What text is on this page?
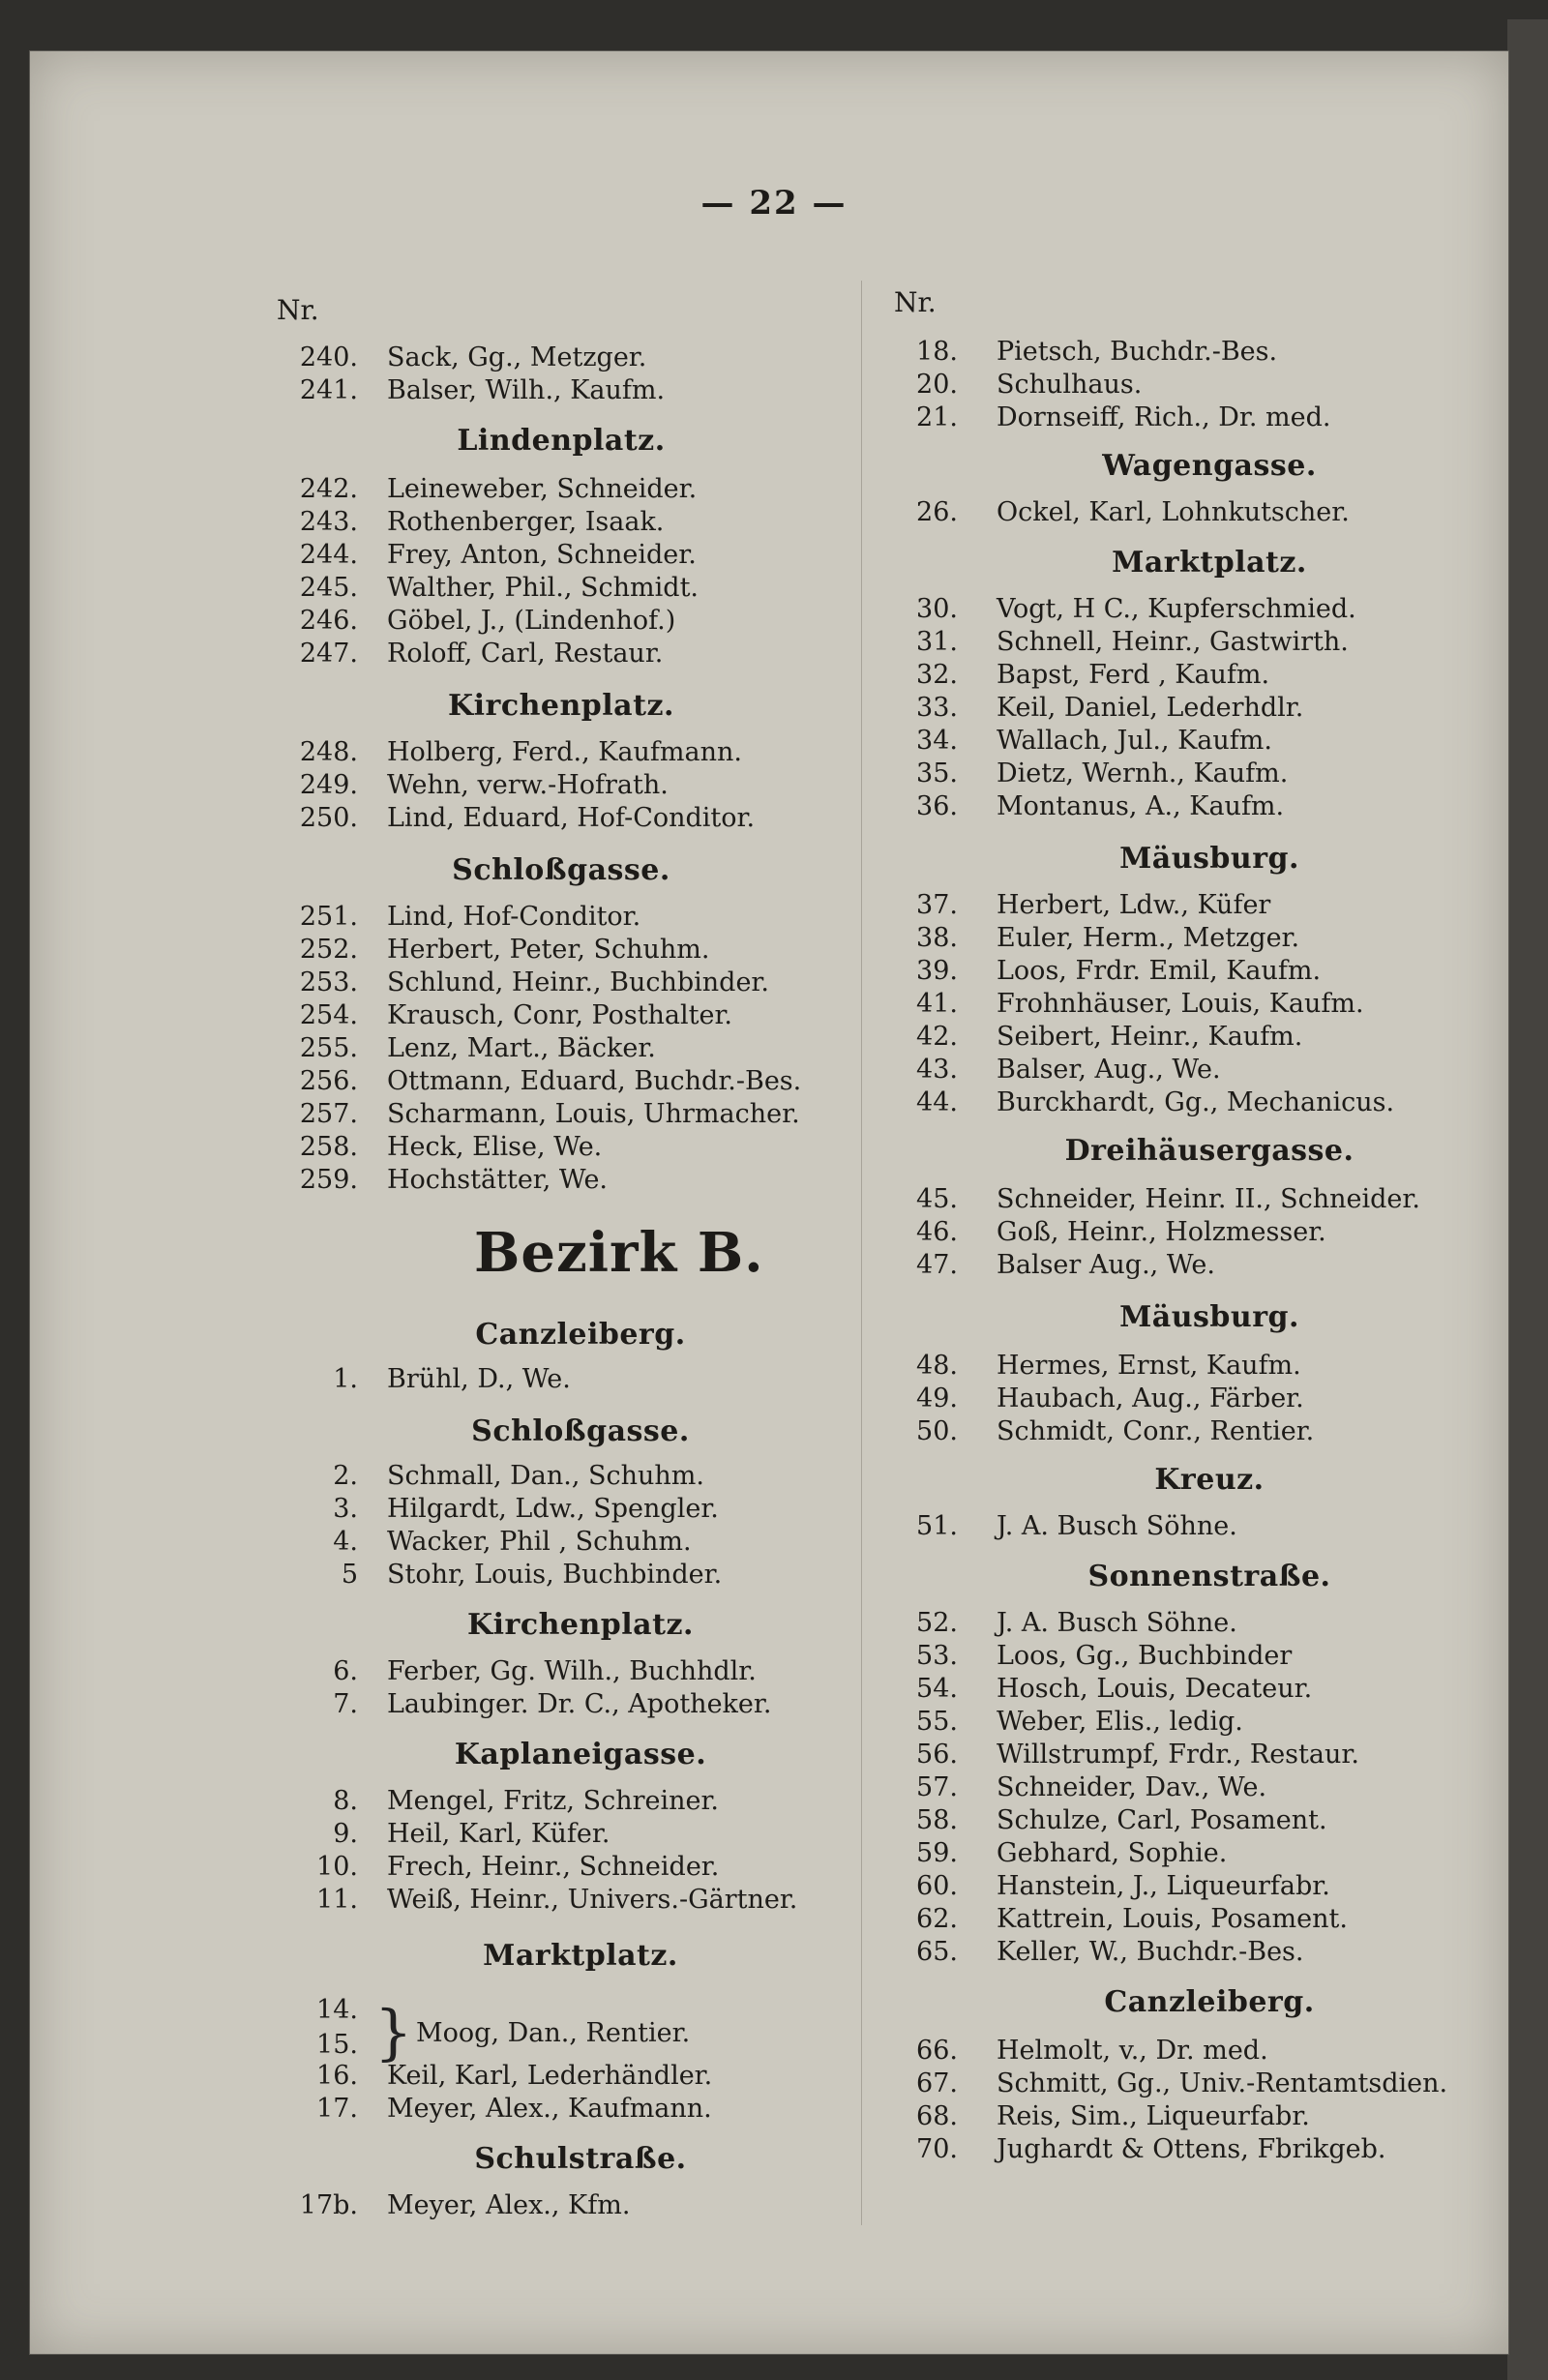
— 22 —
Nr.	Nr.
240. Sack, Gg., Metzger.
241. Balser, Wilh., Kaufm.
Lindenplatz.
242. Leineweber, Schneider.
243. Rothenberger, Isaak.
244. Frey, Anton, Schneider.
245. Walther, Phil., Schmidt.
246. Göbel, J., (Lindenhof.)
247. Roloff, Carl, Restaur.
Kirchenplatz.
248. Holberg, Ferd., Kaufmann.
249. Wehn, verw.-Hofrath.
250. Lind, Eduard, Hof-Conditor.
Schloßgasse.
251. Lind, Hof-Conditor.
252. Herbert, Peter, Schuhm.
253. Schlund, Heinr., Buchbinder.
254. Krausch, Conr, Posthalter.
255. Lenz, Mart., Bäcker.
256. Ottmann, Eduard, Buchdr.-Bes.
257. Scharmann, Louis, Uhrmacher.
258. Heck, Elise, We.
259. Hochstätter, We.
Canzleiberg.
1. Brühl, D., We.
Schloßgasse.
2. Schmall, Dan., Schuhm.
3. Hilgardt, Ldw., Spengler.
4. Wacker, Phil , Schuhm.
5 Stohr, Louis, Buchbinder.
Kirchenplatz.
6. Ferber, Gg. Wilh., Buchhdlr.
7. Laubinger. Dr. C., Apotheker.
Kaplaneigasse.
8. Mengel, Fritz, Schreiner.
9. Heil, Karl, Küfer.
10. Frech, Heinr., Schneider.
11. Weiß, Heinr., Univers.-Gärtner.
Marktplatz.
14.
15.
16. Keil, Karl, Lederhändler.
17. Meyer, Alex., Kaufmann.
Schulstraße.
17b. Meyer, Alex., Kfm.
18. Pietsch, Buchdr.-Bes.
20. Schulhaus.
21. Dornseiff, Rich., Dr. med.
Wagengasse.
26. Ockel, Karl, Lohnkutscher.
Marktplatz.
30. Vogt, H C., Kupferschmied.
31. Schnell, Heinr., Gastwirth.
32. Bapst, Ferd , Kaufm.
33. Keil, Daniel, Lederhdlr.
34. Wallach, Jul., Kaufm.
35. Dietz, Wernh., Kaufm.
36. Montanus, A., Kaufm.
Mäusburg.
37. Herbert, Ldw., Küfer
38. Euler, Herm., Metzger.
39. Loos, Frdr. Emil, Kaufm.
41. Frohnhäuser, Louis, Kaufm.
42. Seibert, Heinr., Kaufm.
43. Balser, Aug., We.
44. Burckhardt, Gg., Mechanicus.
Dreihäusergasse.
45. Schneider, Heinr. II., Schneider.
46. Goß, Heinr., Holzmesser.
47. Balser Aug., We.
Mäusburg.
48. Hermes, Ernst, Kaufm.
49. Haubach, Aug., Färber.
50. Schmidt, Conr., Rentier.
Kreuz.
51. J. A. Busch Söhne.
Sonnenstraße.
52. J. A. Busch Söhne.
53. Loos, Gg., Buchbinder
54. Hosch, Louis, Decateur.
55. Weber, Elis., ledig.
56. Willstrumpf, Frdr., Restaur.
57. Schneider, Dav., We.
58. Schulze, Carl, Posament.
59. Gebhard, Sophie.
60. Hanstein, J., Liqueurfabr.
62. Kattrein, Louis, Posament.
65. Keller, W., Buchdr.-Bes.
Canzleiberg.
66. Helmolt, v., Dr. med.
67. Schmitt, Gg., Univ.-Rentamtsdien.
68. Reis, Sim., Liqueurfabr.
70. Jughardt & Ottens, Fbrikgeb.
Bezirk B.
} Moog, Dan., Rentier.
